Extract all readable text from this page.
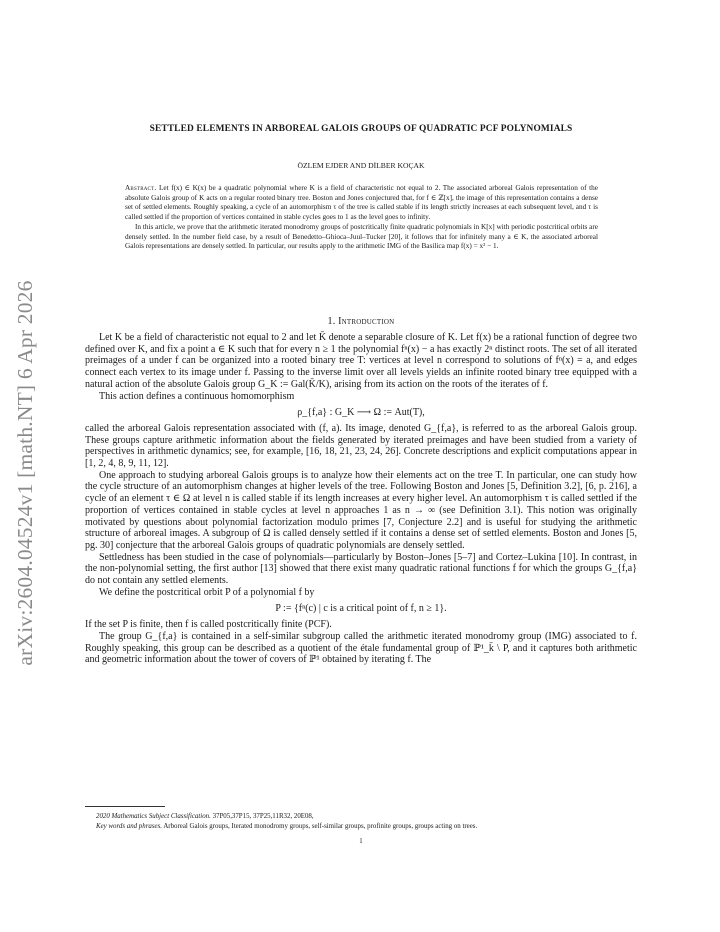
arXiv:2604.04524v1 [math.NT] 6 Apr 2026
SETTLED ELEMENTS IN ARBOREAL GALOIS GROUPS OF QUADRATIC PCF POLYNOMIALS
ÖZLEM EJDER AND DİLBER KOÇAK

Abstract. Let f(x) ∈ K(x) be a quadratic polynomial where K is a field of characteristic not equal to 2. The associated arboreal Galois representation of the absolute Galois group of K acts on a regular rooted binary tree. Boston and Jones conjectured that, for f ∈ ℤ[x], the image of this representation contains a dense set of settled elements. Roughly speaking, a cycle of an automorphism τ of the tree is called stable if its length strictly increases at each subsequent level, and τ is called settled if the proportion of vertices contained in stable cycles goes to 1 as the level goes to infinity.

In this article, we prove that the arithmetic iterated monodromy groups of postcritically finite quadratic polynomials in K[x] with periodic postcritical orbits are densely settled. In the number field case, by a result of Benedetto–Ghioca–Juul–Tucker [20], it follows that for infinitely many a ∈ K, the associated arboreal Galois representations are densely settled. In particular, our results apply to the arithmetic IMG of the Basilica map f(x) = x² − 1.

1. Introduction

Let K be a field of characteristic not equal to 2 and let K̄ denote a separable closure of K. Let f(x) be a rational function of degree two defined over K, and fix a point a ∈ K such that for every n ≥ 1 the polynomial fⁿ(x) − a has exactly 2ⁿ distinct roots. The set of all iterated preimages of a under f can be organized into a rooted binary tree T: vertices at level n correspond to solutions of fⁿ(x) = a, and edges connect each vertex to its image under f. Passing to the inverse limit over all levels yields an infinite rooted binary tree equipped with a natural action of the absolute Galois group G_K := Gal(K̄/K), arising from its action on the roots of the iterates of f.

This action defines a continuous homomorphism

ρ_{f,a} : G_K ⟶ Ω := Aut(T),

called the arboreal Galois representation associated with (f, a). Its image, denoted G_{f,a}, is referred to as the arboreal Galois group. These groups capture arithmetic information about the fields generated by iterated preimages and have been studied from a variety of perspectives in arithmetic dynamics; see, for example, [16, 18, 21, 23, 24, 26]. Concrete descriptions and explicit computations appear in [1, 2, 4, 8, 9, 11, 12].

One approach to studying arboreal Galois groups is to analyze how their elements act on the tree T. In particular, one can study how the cycle structure of an automorphism changes at higher levels of the tree. Following Boston and Jones [5, Definition 3.2], [6, p. 216], a cycle of an element τ ∈ Ω at level n is called stable if its length increases at every higher level. An automorphism τ is called settled if the proportion of vertices contained in stable cycles at level n approaches 1 as n → ∞ (see Definition 3.1). This notion was originally motivated by questions about polynomial factorization modulo primes [7, Conjecture 2.2] and is useful for studying the arithmetic structure of arboreal images. A subgroup of Ω is called densely settled if it contains a dense set of settled elements. Boston and Jones [5, pg. 30] conjecture that the arboreal Galois groups of quadratic polynomials are densely settled.

Settledness has been studied in the case of polynomials—particularly by Boston–Jones [5–7] and Cortez–Lukina [10]. In contrast, in the non-polynomial setting, the first author [13] showed that there exist many quadratic rational functions f for which the groups G_{f,a} do not contain any settled elements.

We define the postcritical orbit P of a polynomial f by

P := {fⁿ(c) | c is a critical point of f, n ≥ 1}.

If the set P is finite, then f is called postcritically finite (PCF).

The group G_{f,a} is contained in a self-similar subgroup called the arithmetic iterated monodromy group (IMG) associated to f. Roughly speaking, this group can be described as a quotient of the étale fundamental group of ℙ¹_k̄ \ P, and it captures both arithmetic and geometric information about the tower of covers of ℙ¹ obtained by iterating f. The

2020 Mathematics Subject Classification. 37P05,37P15, 37P25,11R32, 20E08,
Key words and phrases. Arboreal Galois groups, Iterated monodromy groups, self-similar groups, profinite groups, groups acting on trees.
1
